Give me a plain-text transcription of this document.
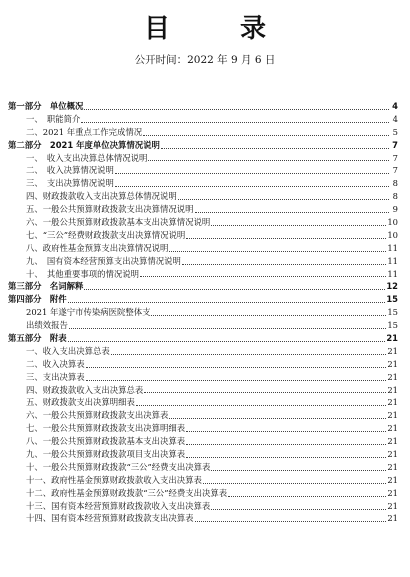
目　录
公开时间：2022 年 9 月 6 日
第一部分　单位概况	4
一、　职能简介	4
二、2021 年重点工作完成情况	5
第二部分　2021 年度单位决算情况说明	7
一、　收入支出决算总体情况说明	7
二、　收入决算情况说明	7
三、　支出决算情况说明	8
四、财政拨款收入支出决算总体情况说明	8
五、一般公共预算财政拨款支出决算情况说明	9
六、一般公共预算财政拨款基本支出决算情况说明	10
七、“三公”经费财政拨款支出决算情况说明	10
八、政府性基金预算支出决算情况说明	11
九、　国有资本经营预算支出决算情况说明	11
十、　其他重要事项的情况说明	11
第三部分　名词解释	12
第四部分　附件	15
2021 年遂宁市传染病医院整体支	15
出绩效报告	15
第五部分　附表	21
一、收入支出决算总表	21
二、收入决算表	21
三、支出决算表	21
四、财政拨款收入支出决算总表	21
五、财政拨款支出决算明细表	21
六、一般公共预算财政拨款支出决算表	21
七、一般公共预算财政拨款支出决算明细表	21
八、一般公共预算财政拨款基本支出决算表	21
九、一般公共预算财政拨款项目支出决算表	21
十、一般公共预算财政拨款“三公”经费支出决算表	21
十一、政府性基金预算财政拨款收入支出决算表	21
十二、政府性基金预算财政拨款“三公”经费支出决算表	21
十三、国有资本经营预算财政拨款收入支出决算表	21
十四、国有资本经营预算财政拨款支出决算表	21
